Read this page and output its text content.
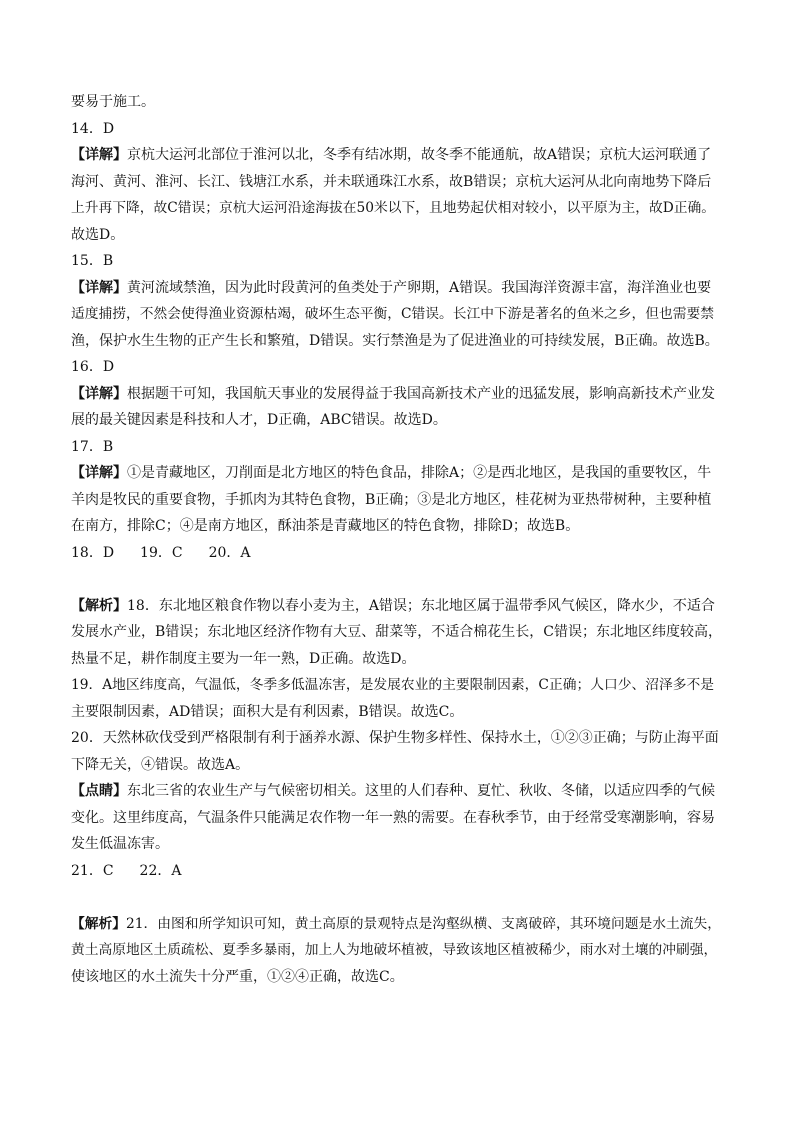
要易于施工。
14．D
【详解】京杭大运河北部位于淮河以北，冬季有结冰期，故冬季不能通航，故A错误；京杭大运河联通了
海河、黄河、淮河、长江、钱塘江水系，并未联通珠江水系，故B错误；京杭大运河从北向南地势下降后
上升再下降，故C错误；京杭大运河沿途海拔在50米以下，且地势起伏相对较小，以平原为主，故D正确。
故选D。
15．B
【详解】黄河流域禁渔，因为此时段黄河的鱼类处于产卵期，A错误。我国海洋资源丰富，海洋渔业也要
适度捕捞，不然会使得渔业资源枯竭，破坏生态平衡，C错误。长江中下游是著名的鱼米之乡，但也需要禁
渔，保护水生生物的正产生长和繁殖，D错误。实行禁渔是为了促进渔业的可持续发展，B正确。故选B。
16．D
【详解】根据题干可知，我国航天事业的发展得益于我国高新技术产业的迅猛发展，影响高新技术产业发
展的最关键因素是科技和人才，D正确，ABC错误。故选D。
17．B
【详解】①是青藏地区，刀削面是北方地区的特色食品，排除A；②是西北地区，是我国的重要牧区，牛
羊肉是牧民的重要食物，手抓肉为其特色食物，B正确；③是北方地区，桂花树为亚热带树种，主要种植
在南方，排除C；④是南方地区，酥油茶是青藏地区的特色食物，排除D；故选B。
18．D 19．C 20．A
【解析】18．东北地区粮食作物以春小麦为主，A错误；东北地区属于温带季风气候区，降水少，不适合
发展水产业，B错误；东北地区经济作物有大豆、甜菜等，不适合棉花生长，C错误；东北地区纬度较高，
热量不足，耕作制度主要为一年一熟，D正确。故选D。
19．A地区纬度高，气温低，冬季多低温冻害，是发展农业的主要限制因素，C正确；人口少、沼泽多不是
主要限制因素，AD错误；面积大是有利因素，B错误。故选C。
20．天然林砍伐受到严格限制有利于涵养水源、保护生物多样性、保持水土，①②③正确；与防止海平面
下降无关，④错误。故选A。
【点睛】东北三省的农业生产与气候密切相关。这里的人们春种、夏忙、秋收、冬储，以适应四季的气候
变化。这里纬度高，气温条件只能满足农作物一年一熟的需要。在春秋季节，由于经常受寒潮影响，容易
发生低温冻害。
21．C 22．A
【解析】21．由图和所学知识可知，黄土高原的景观特点是沟壑纵横、支离破碎，其环境问题是水土流失，
黄土高原地区土质疏松、夏季多暴雨，加上人为地破坏植被，导致该地区植被稀少，雨水对土壤的冲刷强，
使该地区的水土流失十分严重，①②④正确，故选C。
